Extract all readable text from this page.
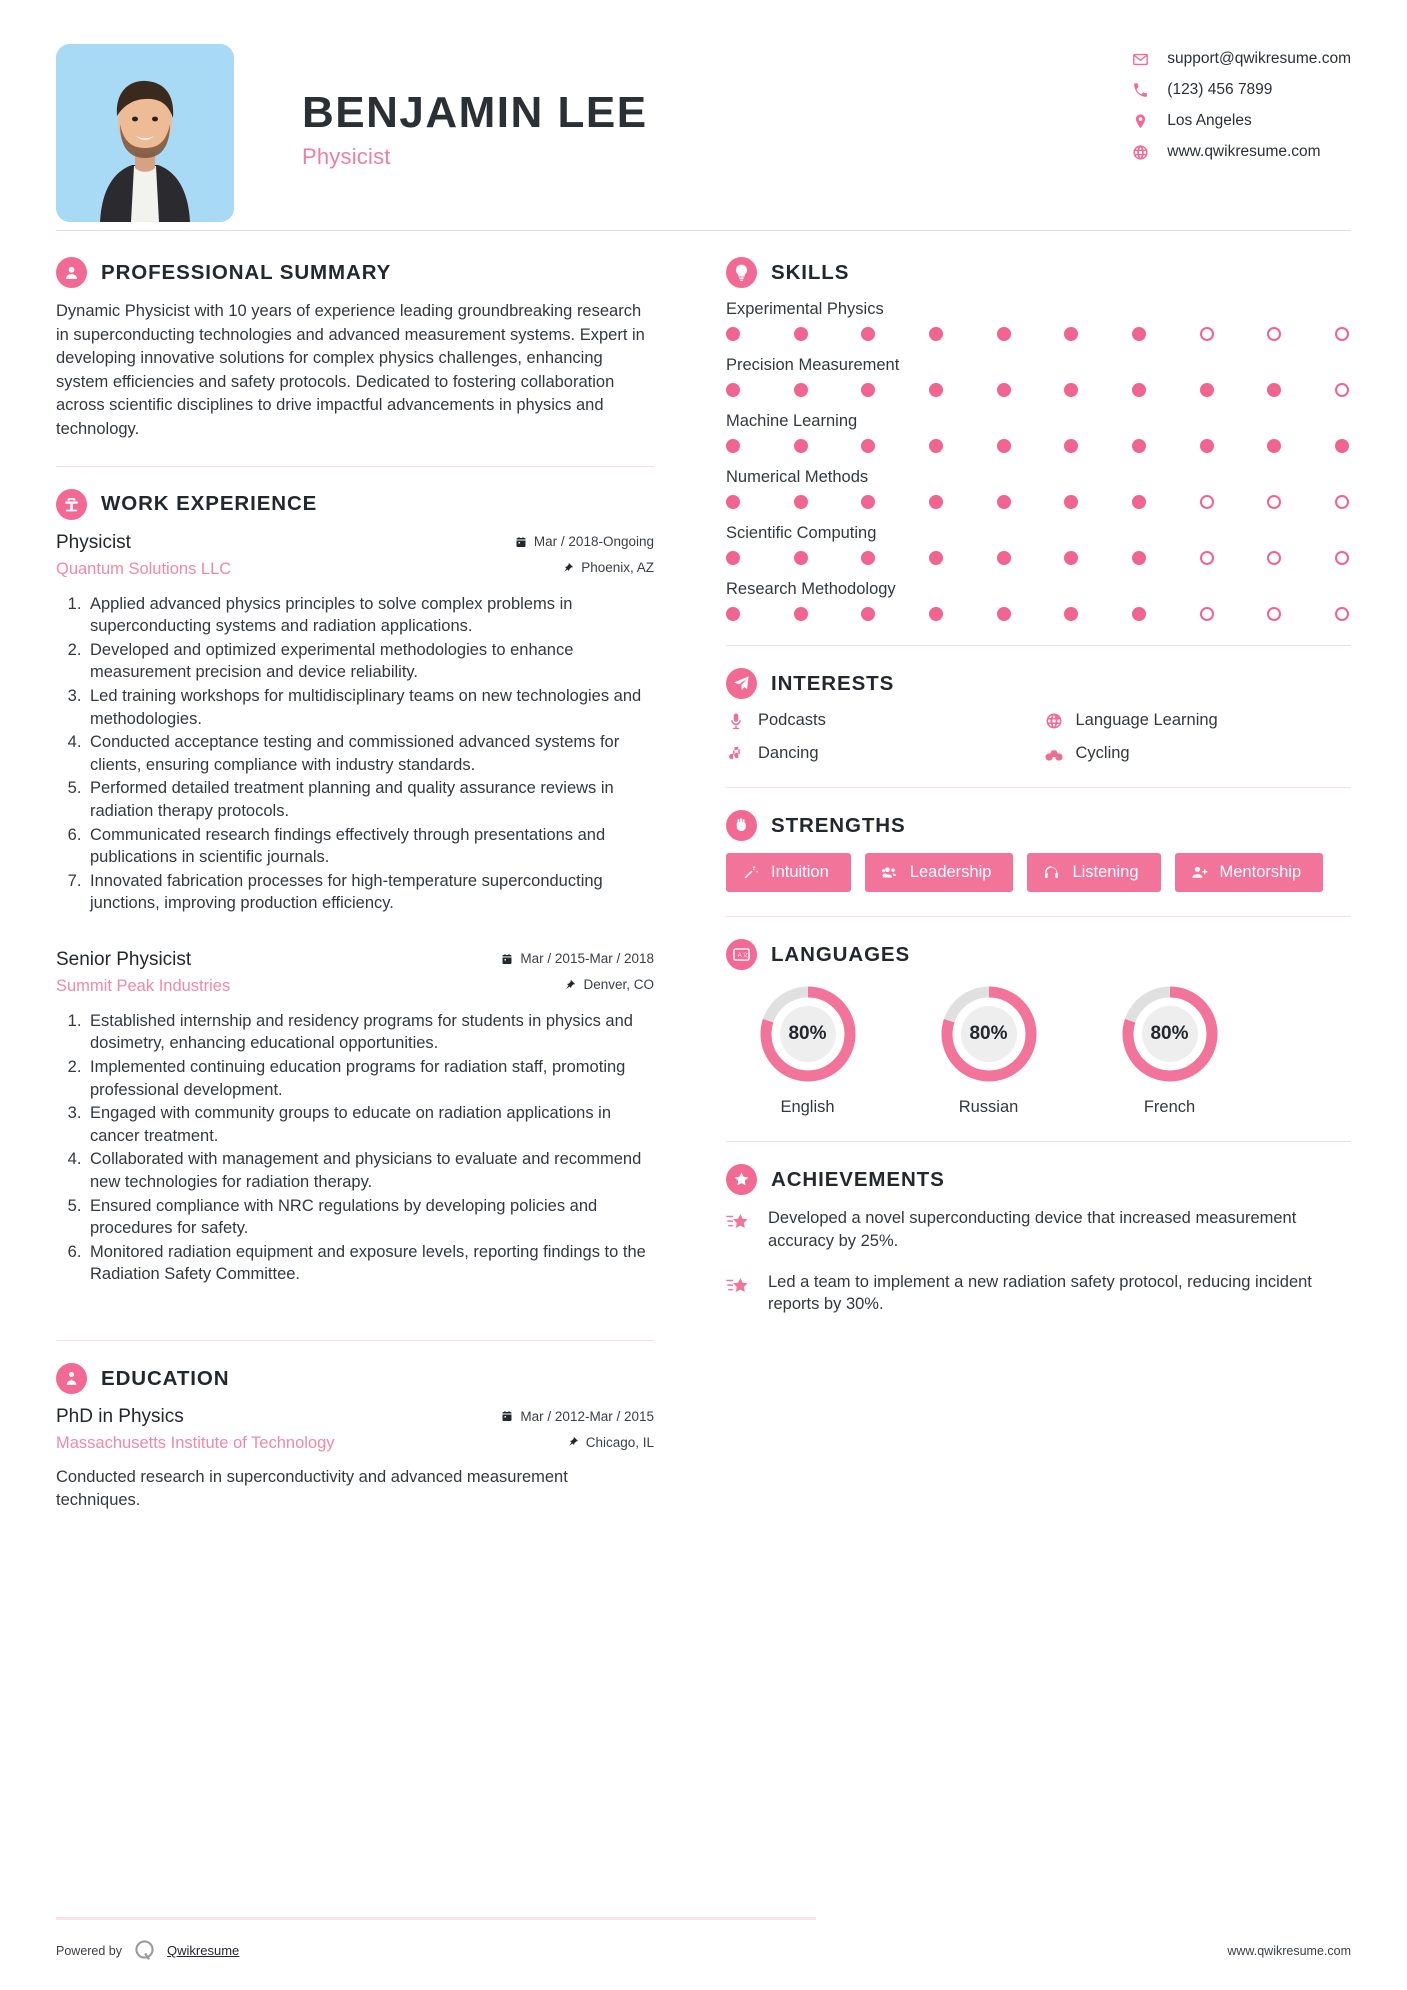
BENJAMIN LEE
Physicist
support@qwikresume.com
(123) 456 7899
Los Angeles
www.qwikresume.com
PROFESSIONAL SUMMARY

Dynamic Physicist with 10 years of experience leading groundbreaking research in superconducting technologies and advanced measurement systems. Expert in developing innovative solutions for complex physics challenges, enhancing system efficiencies and safety protocols. Dedicated to fostering collaboration across scientific disciplines to drive impactful advancements in physics and technology.

WORK EXPERIENCE
Physicist	Mar / 2018-Ongoing
Quantum Solutions LLC	Phoenix, AZ
1. Applied advanced physics principles to solve complex problems in superconducting systems and radiation applications.
2. Developed and optimized experimental methodologies to enhance measurement precision and device reliability.
3. Led training workshops for multidisciplinary teams on new technologies and methodologies.
4. Conducted acceptance testing and commissioned advanced systems for clients, ensuring compliance with industry standards.
5. Performed detailed treatment planning and quality assurance reviews in radiation therapy protocols.
6. Communicated research findings effectively through presentations and publications in scientific journals.
7. Innovated fabrication processes for high-temperature superconducting junctions, improving production efficiency.
Senior Physicist	Mar / 2015-Mar / 2018
Summit Peak Industries	Denver, CO
1. Established internship and residency programs for students in physics and dosimetry, enhancing educational opportunities.
2. Implemented continuing education programs for radiation staff, promoting professional development.
3. Engaged with community groups to educate on radiation applications in cancer treatment.
4. Collaborated with management and physicians to evaluate and recommend new technologies for radiation therapy.
5. Ensured compliance with NRC regulations by developing policies and procedures for safety.
6. Monitored radiation equipment and exposure levels, reporting findings to the Radiation Safety Committee.
EDUCATION
PhD in Physics	Mar / 2012-Mar / 2015
Massachusetts Institute of Technology	Chicago, IL

Conducted research in superconductivity and advanced measurement techniques.

SKILLS
Experimental Physics
Precision Measurement
Machine Learning
Numerical Methods
Scientific Computing
Research Methodology
INTERESTS
Podcasts	Language Learning
Dancing	Cycling
STRENGTHS
Intuition	Leadership	Listening	Mentorship
A 文 LANGUAGES
80%
English
80%
Russian
80%
French
ACHIEVEMENTS
Developed a novel superconducting device that increased measurement accuracy by 25%.
Led a team to implement a new radiation safety protocol, reducing incident reports by 30%.
Powered by	Qwikresume	www.qwikresume.com
